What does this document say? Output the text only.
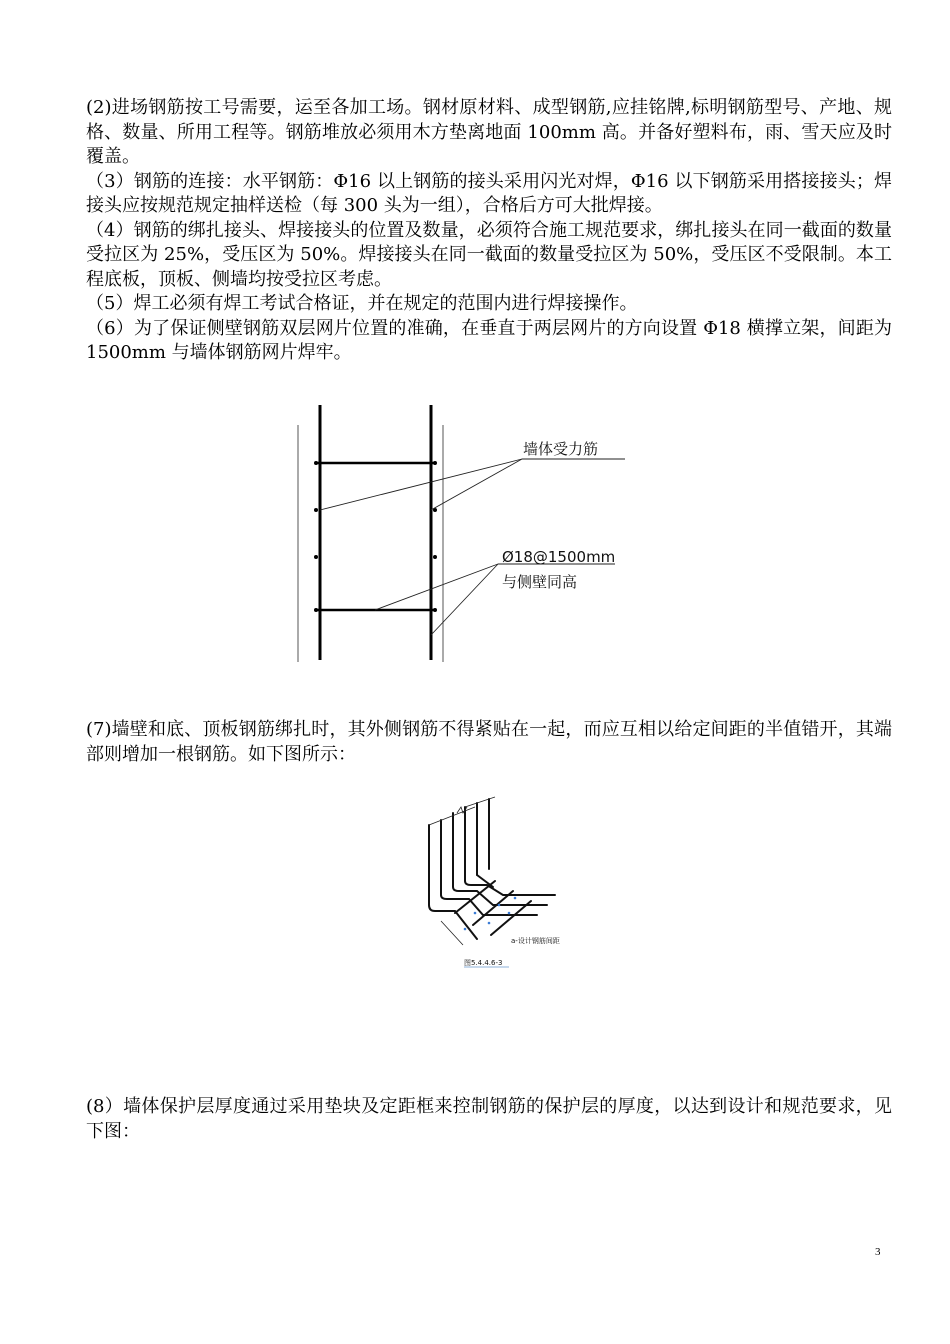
(2)进场钢筋按工号需要，运至各加工场。钢材原材料、成型钢筋,应挂铭牌,标明钢筋型号、产地、规格、数量、所用工程等。钢筋堆放必须用木方垫离地面 100mm 高。并备好塑料布，雨、雪天应及时覆盖。
（3）钢筋的连接：水平钢筋：Φ16 以上钢筋的接头采用闪光对焊，Φ16 以下钢筋采用搭接接头；焊接头应按规范规定抽样送检（每 300 头为一组），合格后方可大批焊接。
（4）钢筋的绑扎接头、焊接接头的位置及数量，必须符合施工规范要求，绑扎接头在同一截面的数量受拉区为 25%，受压区为 50%。焊接接头在同一截面的数量受拉区为 50%，受压区不受限制。本工程底板，顶板、侧墙均按受拉区考虑。
（5）焊工必须有焊工考试合格证，并在规定的范围内进行焊接操作。
（6）为了保证侧壁钢筋双层网片位置的准确，在垂直于两层网片的方向设置 Φ18 横撑立架，间距为 1500mm 与墙体钢筋网片焊牢。
墙体受力筋
Ø18@1500mm
与侧壁同高
(7)墙壁和底、顶板钢筋绑扎时，其外侧钢筋不得紧贴在一起，而应互相以给定间距的半值错开，其端部则增加一根钢筋。如下图所示：
a-设计钢筋间距
图5.4.4.6-3
(8）墙体保护层厚度通过采用垫块及定距框来控制钢筋的保护层的厚度，以达到设计和规范要求，见下图：
3
